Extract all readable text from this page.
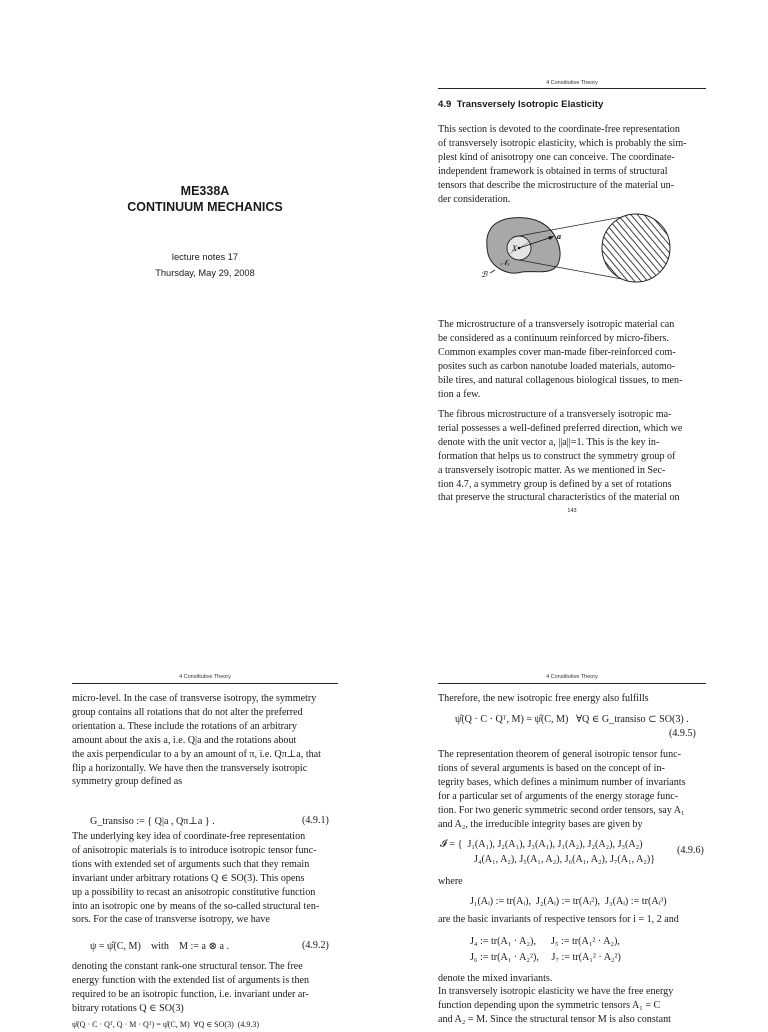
ME338A
CONTINUUM MECHANICS
lecture notes 17
Thursday, May 29, 2008
4 Constitutive Theory
4.9  Transversely Isotropic Elasticity
This section is devoted to the coordinate-free representation
of transversely isotropic elasticity, which is probably the sim-
plest kind of anisotropy one can conceive. The coordinate-
independent framework is obtained in terms of structural
tensors that describe the microstructure of the material un-
der consideration.
a
X
𝒩ₓ
ℬ
The microstructure of a transversely isotropic material can
be considered as a continuum reinforced by micro-fibers.
Common examples cover man-made fiber-reinforced com-
posites such as carbon nanotube loaded materials, automo-
bile tires, and natural collagenous biological tissues, to men-
tion a few.
The fibrous microstructure of a transversely isotropic ma-
terial possesses a well-defined preferred direction, which we
denote with the unit vector a, ||a||=1. This is the key in-
formation that helps us to construct the symmetry group of
a transversely isotropic matter. As we mentioned in Sec-
tion 4.7, a symmetry group is defined by a set of rotations
that preserve the structural characteristics of the material on
143
4 Constitutive Theory
micro-level. In the case of transverse isotropy, the symmetry
group contains all rotations that do not alter the preferred
orientation a. These include the rotations of an arbitrary
amount about the axis a, i.e. Q|a and the rotations about
the axis perpendicular to a by an amount of π, i.e. Qπ⊥a, that
flip a horizontally. We have then the transversely isotropic
symmetry group defined as
G_transiso := { Q|a , Qπ⊥a } .	(4.9.1)
The underlying key idea of coordinate-free representation
of anisotropic materials is to introduce isotropic tensor func-
tions with extended set of arguments such that they remain
invariant under arbitrary rotations Q ∈ SO(3). This opens
up a possibility to recast an anisotropic constitutive function
into an isotropic one by means of the so-called structural ten-
sors. For the case of transverse isotropy, we have
ψ = ψ̂(C, M)    with    M := a ⊗ a .	(4.9.2)
denoting the constant rank-one structural tensor. The free
energy function with the extended list of arguments is then
required to be an isotropic function, i.e. invariant under ar-
bitrary rotations Q ∈ SO(3)
ψ̂(Q · C · Qᵀ, Q · M · Qᵀ) = ψ̂(C, M)  ∀Q ∈ SO(3)  (4.9.3)
4 Constitutive Theory
Therefore, the new isotropic free energy also fulfills
ψ̂(Q · C · Qᵀ, M) = ψ̂(C, M)   ∀Q ∈ G_transiso ⊂ SO(3) .
(4.9.5)
The representation theorem of general isotropic tensor func-
tions of several arguments is based on the concept of in-
tegrity bases, which defines a minimum number of invariants
for a particular set of arguments of the energy storage func-
tion. For two generic symmetric second order tensors, say A₁
and A₂, the irreducible integrity bases are given by
𝓘 = {  J₁(A₁), J₂(A₁), J₃(A₁), J₁(A₂), J₂(A₂), J₃(A₂)
J₄(A₁, A₂), J₅(A₁, A₂), J₆(A₁, A₂), J₇(A₁, A₂)}
(4.9.6)
where
J₁(Aᵢ) := tr(Aᵢ),  J₂(Aᵢ) := tr(Aᵢ²),  J₃(Aᵢ) := tr(Aᵢ³)
are the basic invariants of respective tensors for i = 1, 2 and
J₄ := tr(A₁ · A₂),      J₅ := tr(A₁² · A₂),
J₆ := tr(A₁ · A₂²),     J₇ := tr(A₁² · A₂²)
denote the mixed invariants.
In transversely isotropic elasticity we have the free energy
function depending upon the symmetric tensors A₁ = C
and A₂ = M. Since the structural tensor M is also constant
